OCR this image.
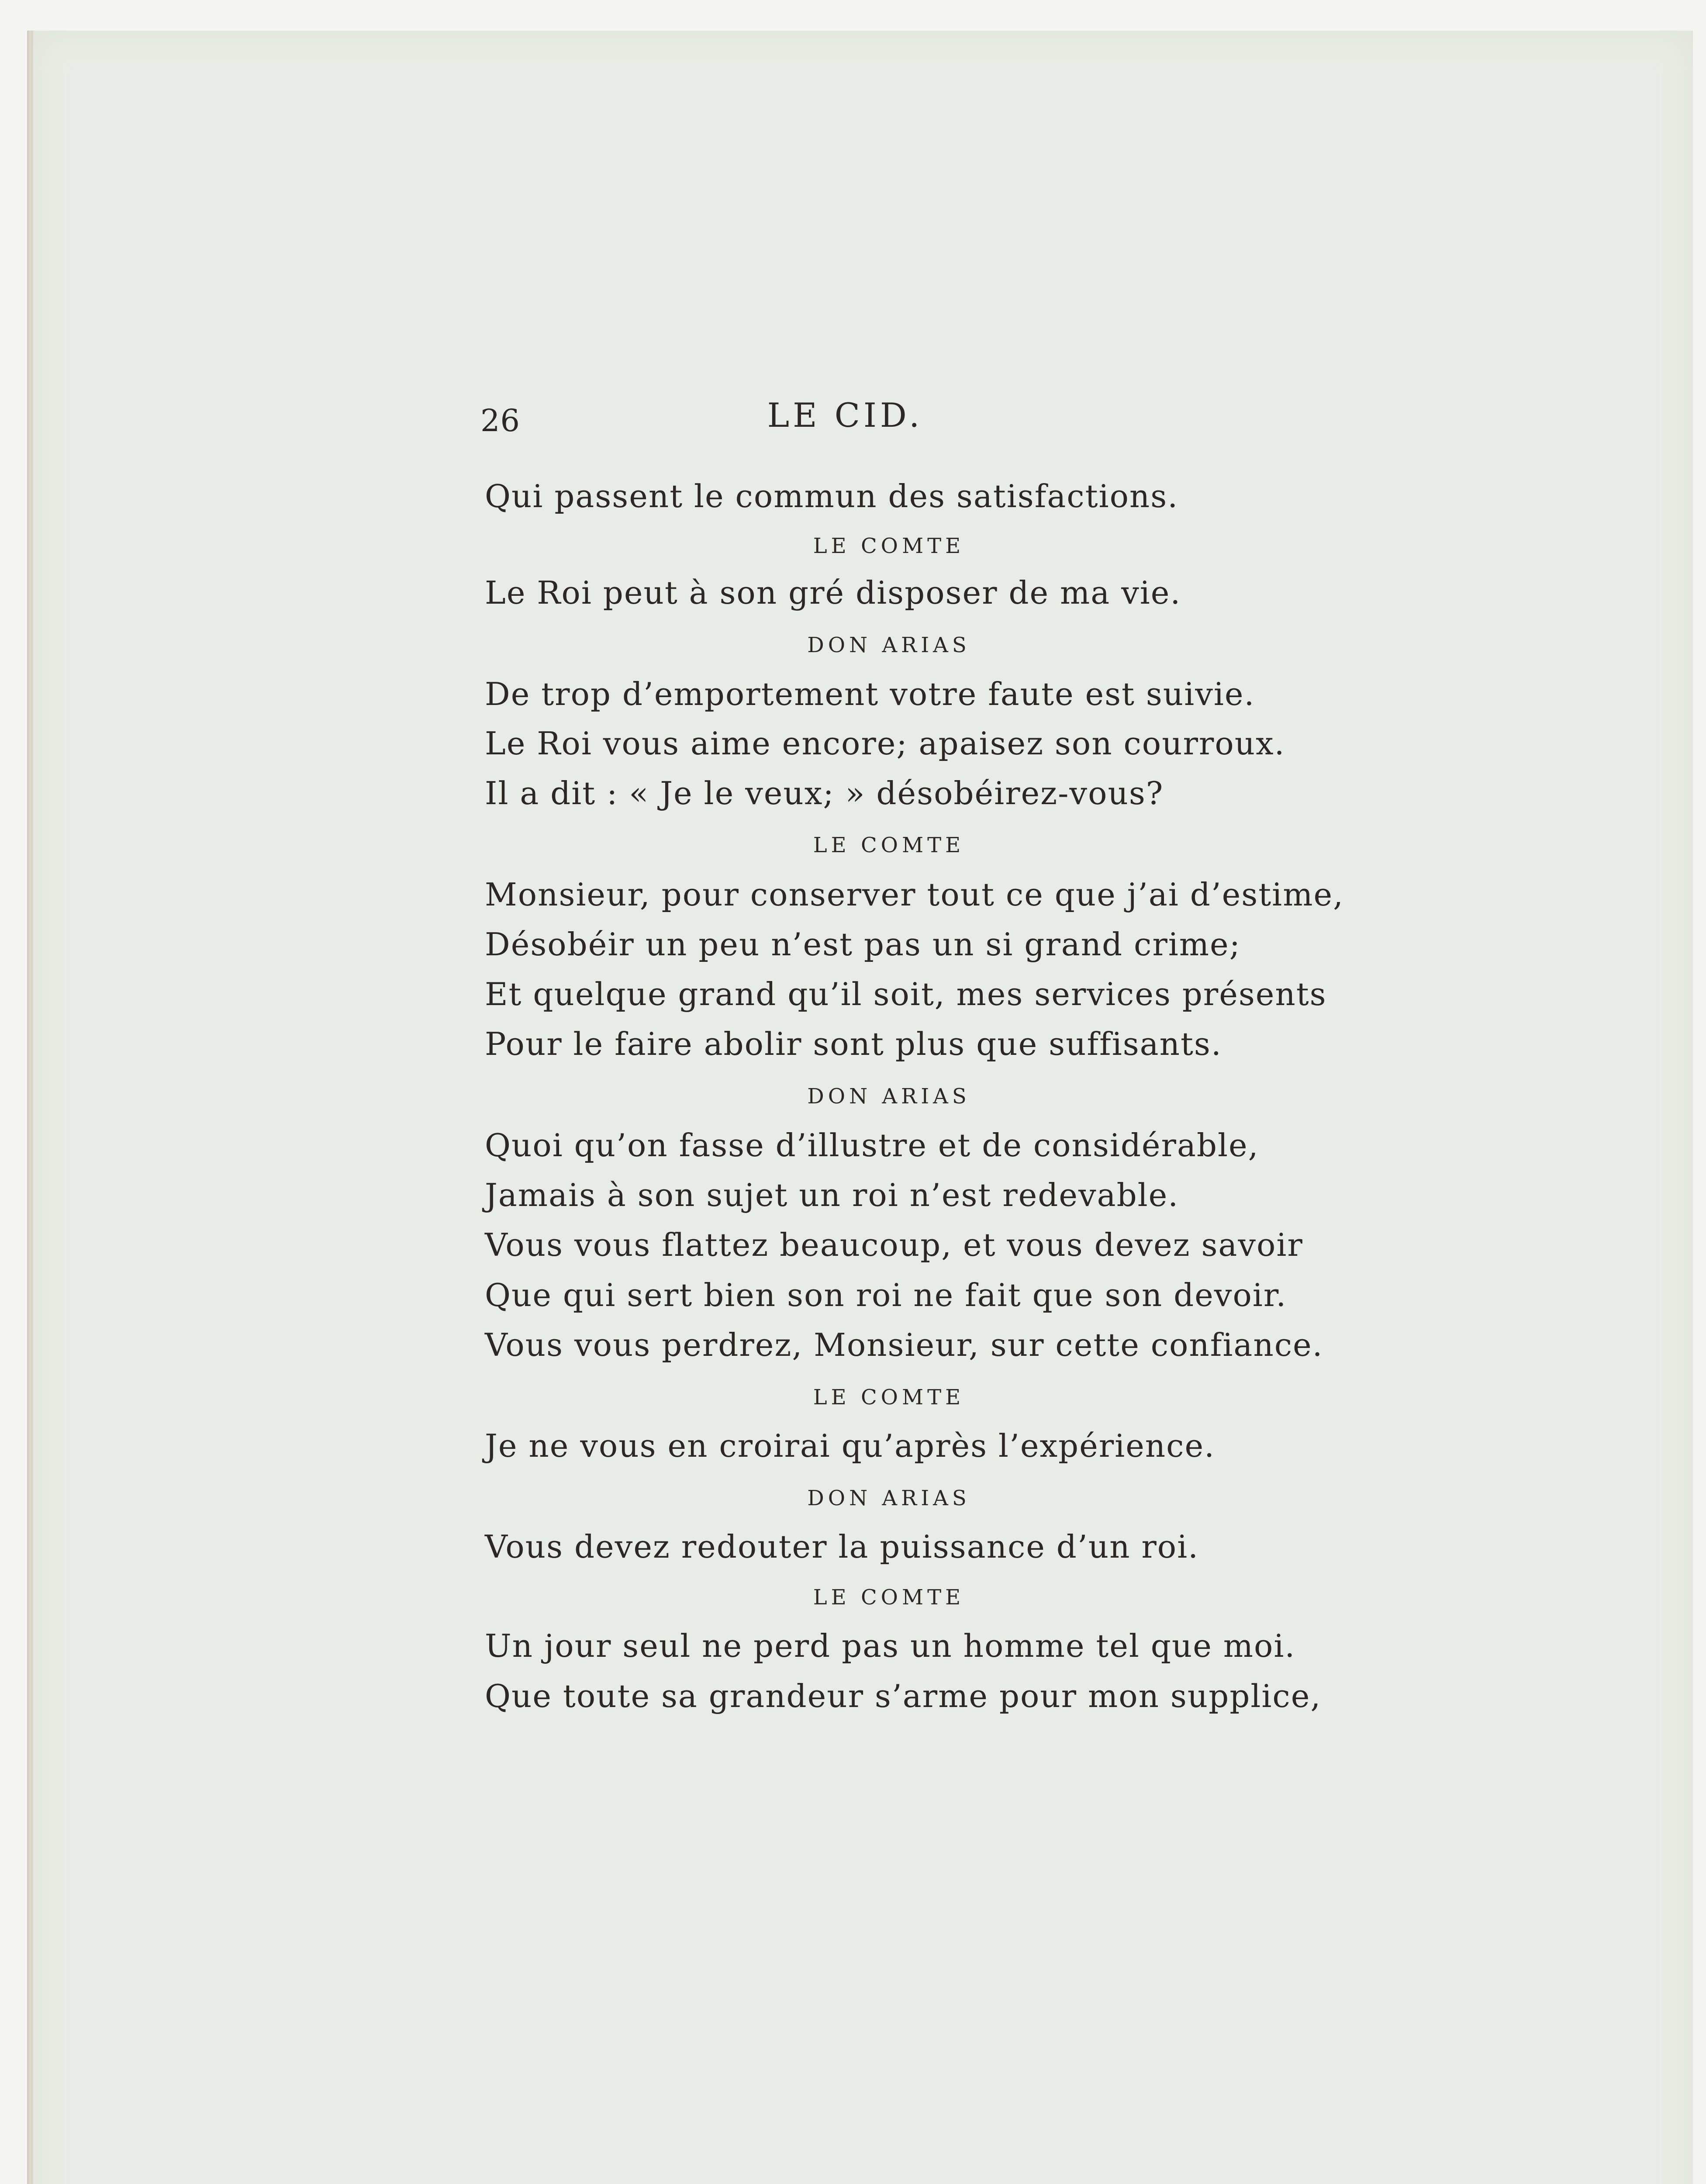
26	LE CID.
Qui passent le commun des satisfactions.
LE COMTE
Le Roi peut à son gré disposer de ma vie.
DON ARIAS
De trop d’emportement votre faute est suivie.
Le Roi vous aime encore; apaisez son courroux.
Il a dit : « Je le veux; » désobéirez-vous?
LE COMTE
Monsieur, pour conserver tout ce que j’ai d’estime,
Désobéir un peu n’est pas un si grand crime;
Et quelque grand qu’il soit, mes services présents
Pour le faire abolir sont plus que suffisants.
DON ARIAS
Quoi qu’on fasse d’illustre et de considérable,
Jamais à son sujet un roi n’est redevable.
Vous vous flattez beaucoup, et vous devez savoir
Que qui sert bien son roi ne fait que son devoir.
Vous vous perdrez, Monsieur, sur cette confiance.
LE COMTE
Je ne vous en croirai qu’après l’expérience.
DON ARIAS
Vous devez redouter la puissance d’un roi.
LE COMTE
Un jour seul ne perd pas un homme tel que moi.
Que toute sa grandeur s’arme pour mon supplice,
